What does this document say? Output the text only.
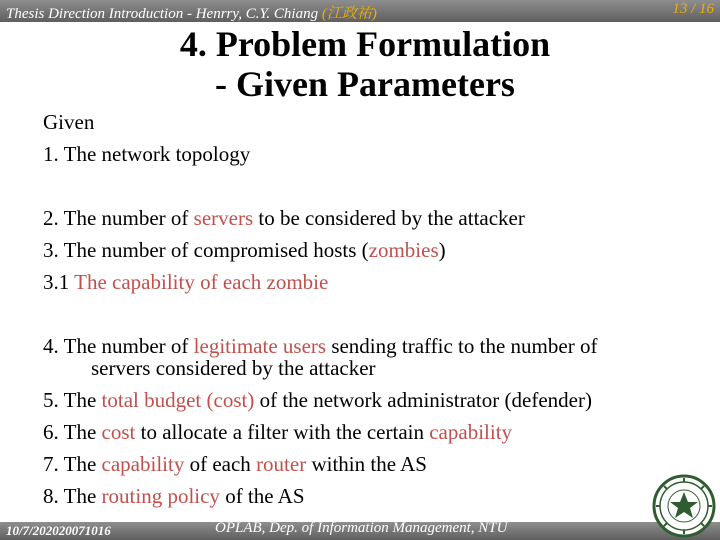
Thesis Direction Introduction - Henrry, C.Y. Chiang (江政祐)	13 / 16
4. Problem Formulation
- Given Parameters
Given
1. The network topology
2. The number of servers to be considered by the attacker
3. The number of compromised hosts (zombies)
3.1 The capability of each zombie
4. The number of legitimate users sending traffic to the number of
servers considered by the attacker
5. The total budget (cost) of the network administrator (defender)
6. The cost to allocate a filter with the certain capability
7. The capability of each router within the AS
8. The routing policy of the AS
10/7/202020071016	OPLAB, Dep. of Information Management, NTU
